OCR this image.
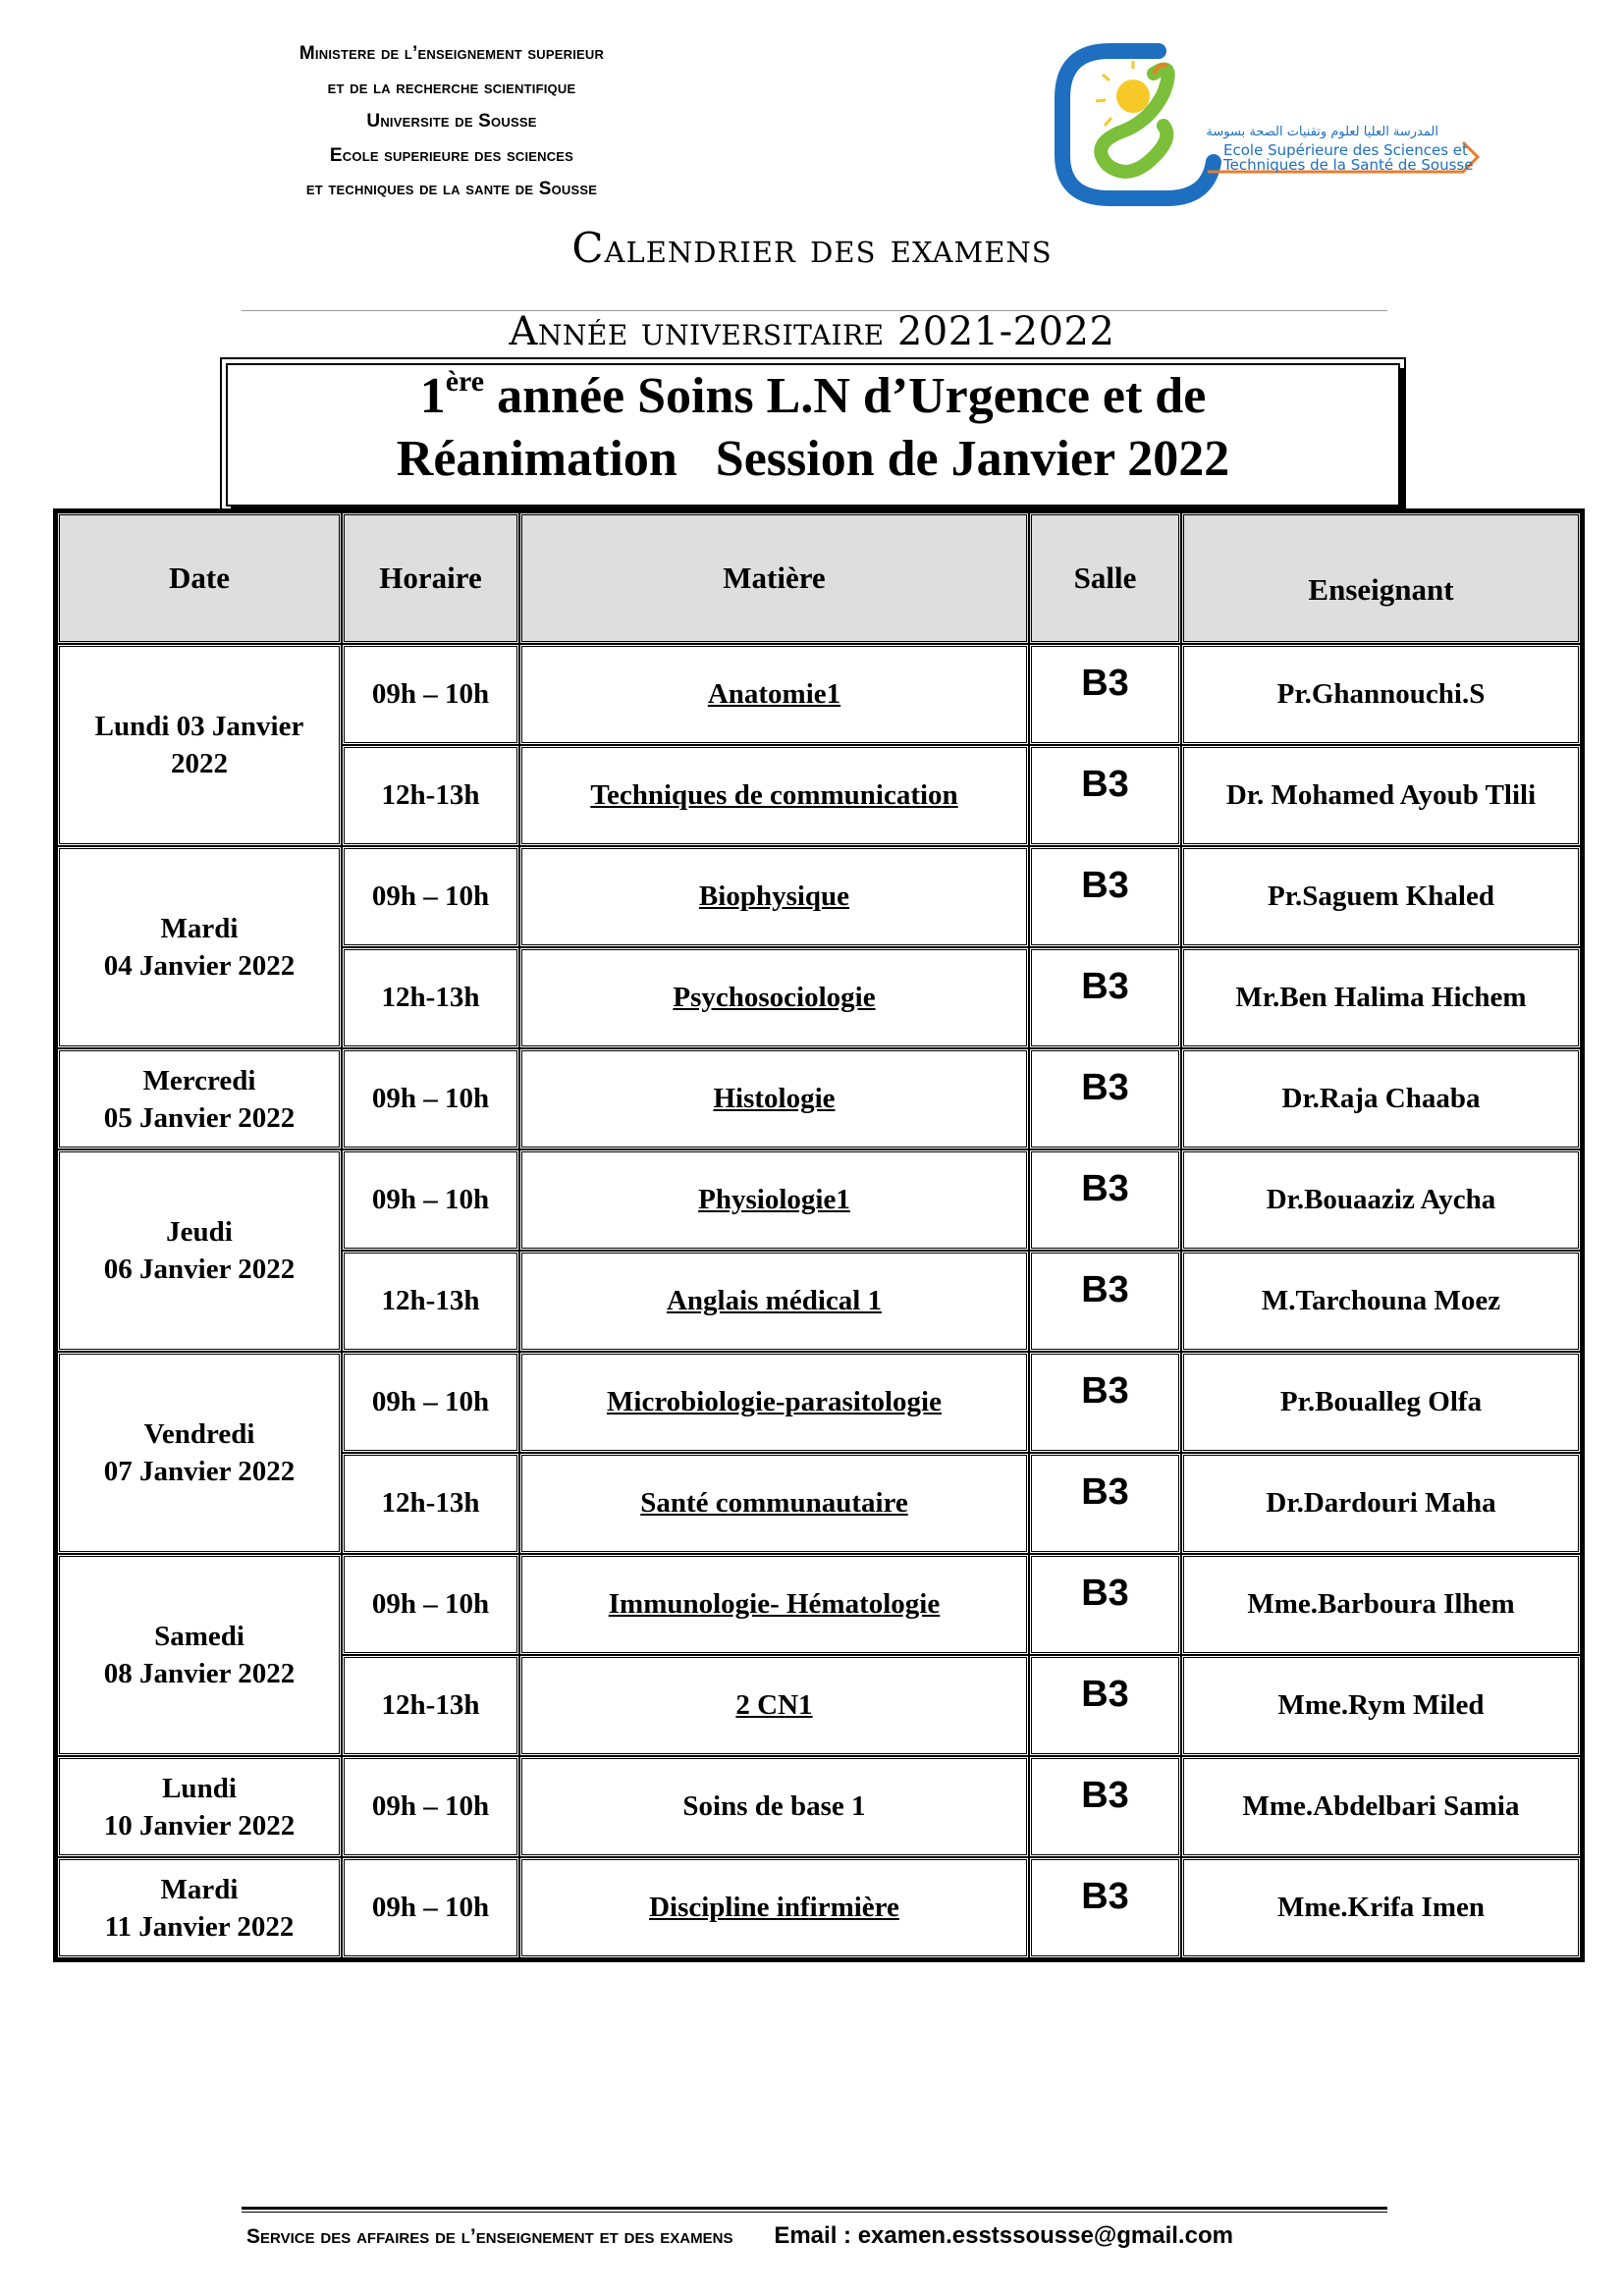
Ministere de l’enseignement superieur
et de la recherche scientifique
Universite de Sousse
Ecole superieure des sciences
et techniques de la sante de Sousse
المدرسة العليا لعلوم وتقنيات الصحة بسوسة
Ecole Supérieure des Sciences et
Techniques de la Santé de Sousse
Calendrier des examens
Année universitaire 2021-2022
1ère année Soins L.N d’Urgence et de
Réanimation   Session de Janvier 2022
Date	Horaire	Matière	Salle	Enseignant

Lundi 03 Janvier
2022	09h – 10h	Anatomie1	B3	Pr.Ghannouchi.S
	12h-13h	Techniques de communication	B3	Dr. Mohamed Ayoub Tlili

Mardi
04 Janvier 2022	09h – 10h	Biophysique	B3	Pr.Saguem Khaled
	12h-13h	Psychosociologie	B3	Mr.Ben Halima Hichem

Mercredi
05 Janvier 2022	09h – 10h	Histologie	B3	Dr.Raja Chaaba

Jeudi
06 Janvier 2022	09h – 10h	Physiologie1	B3	Dr.Bouaaziz Aycha
	12h-13h	Anglais médical 1	B3	M.Tarchouna Moez

Vendredi
07 Janvier 2022	09h – 10h	Microbiologie-parasitologie	B3	Pr.Boualleg Olfa
	12h-13h	Santé communautaire	B3	Dr.Dardouri Maha

Samedi
08 Janvier 2022	09h – 10h	Immunologie- Hématologie	B3	Mme.Barboura Ilhem
	12h-13h	2 CN1	B3	Mme.Rym Miled

Lundi
10 Janvier 2022	09h – 10h	Soins de base 1	B3	Mme.Abdelbari Samia

Mardi
11 Janvier 2022	09h – 10h	Discipline infirmière	B3	Mme.Krifa Imen
Service des affaires de l’enseignement et des examens Email : examen.esstssousse@gmail.com
